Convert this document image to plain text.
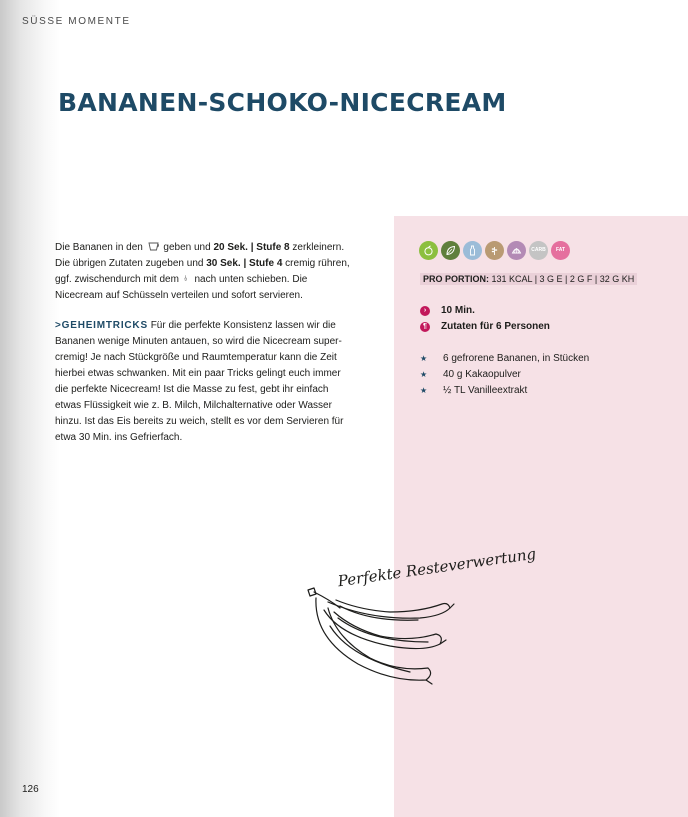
SÜSSE MOMENTE
BANANEN-SCHOKO-NICECREAM
Die Bananen in den  geben und 20 Sek. | Stufe 8 zerkleinern. Die übrigen Zutaten zugeben und 30 Sek. | Stufe 4 cremig rühren, ggf. zwischendurch mit dem  nach unten schieben. Die Nicecream auf Schüsseln verteilen und sofort servieren.
>GEHEIMTRICKS Für die perfekte Konsistenz lassen wir die Bananen wenige Minuten antauen, so wird die Nicecream super-cremig! Je nach Stückgröße und Raumtemperatur kann die Zeit hierbei etwas schwanken. Mit ein paar Tricks gelingt euch immer die perfekte Nicecream! Ist die Masse zu fest, gebt ihr einfach etwas Flüssigkeit wie z. B. Milch, Milchalternative oder Wasser hinzu. Ist das Eis bereits zu weich, stellt es vor dem Servieren für etwa 30 Min. ins Gefrierfach.
CARB FAT
PRO PORTION: 131 KCAL | 3 G E | 2 G F | 32 G KH
›	10 Min.
¶	Zutaten für 6 Personen
★ 6 gefrorene Bananen, in Stücken
★ 40 g Kakaopulver
★ ½ TL Vanilleextrakt
Perfekte Resteverwertung
126
